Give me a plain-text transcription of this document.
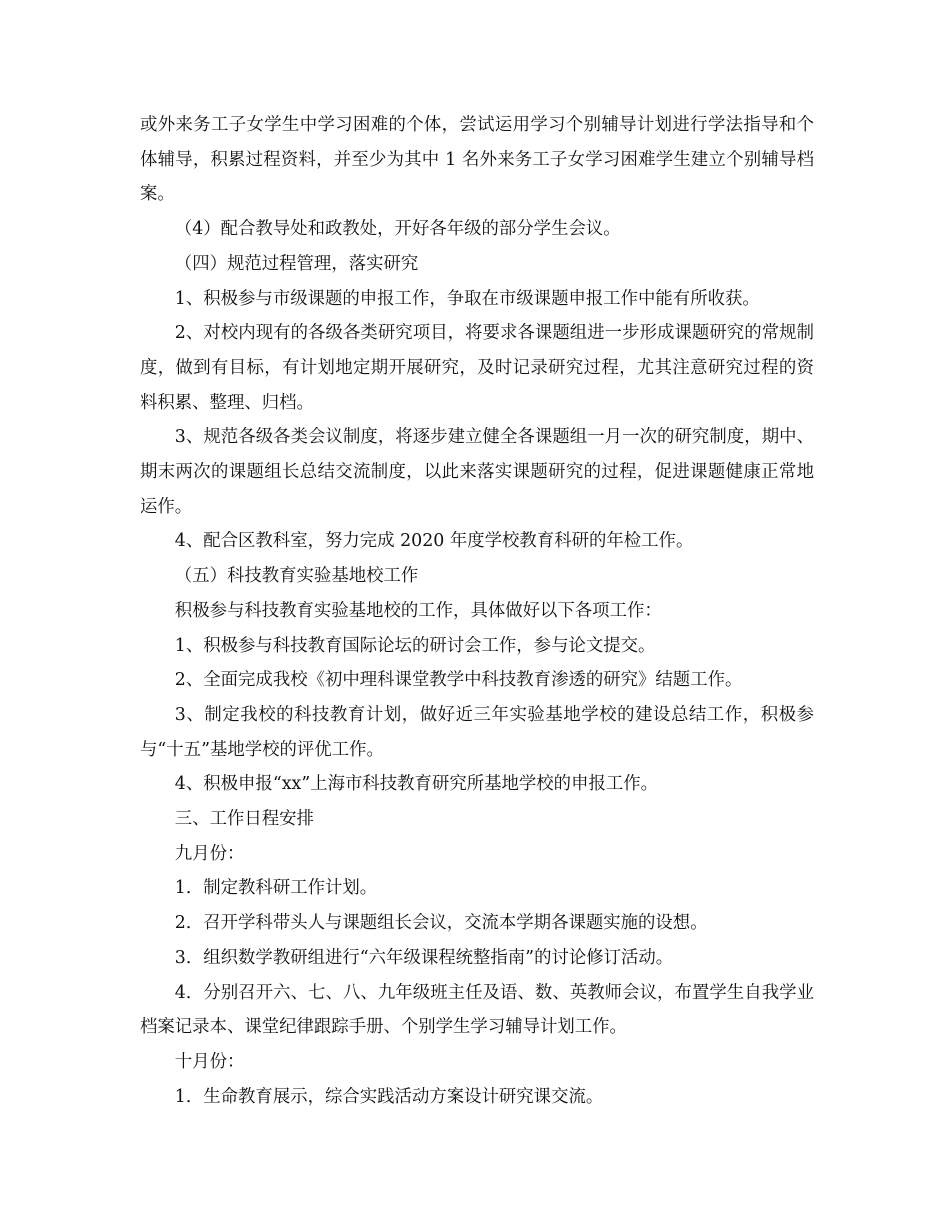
或外来务工子女学生中学习困难的个体，尝试运用学习个别辅导计划进行学法指导和个体辅导，积累过程资料，并至少为其中 1 名外来务工子女学习困难学生建立个别辅导档案。

（4）配合教导处和政教处，开好各年级的部分学生会议。

（四）规范过程管理，落实研究

1、积极参与市级课题的申报工作，争取在市级课题申报工作中能有所收获。

2、对校内现有的各级各类研究项目，将要求各课题组进一步形成课题研究的常规制度，做到有目标，有计划地定期开展研究，及时记录研究过程，尤其注意研究过程的资料积累、整理、归档。

3、规范各级各类会议制度，将逐步建立健全各课题组一月一次的研究制度，期中、期末两次的课题组长总结交流制度，以此来落实课题研究的过程，促进课题健康正常地运作。

4、配合区教科室，努力完成 2020 年度学校教育科研的年检工作。

（五）科技教育实验基地校工作

积极参与科技教育实验基地校的工作，具体做好以下各项工作：

1、积极参与科技教育国际论坛的研讨会工作，参与论文提交。

2、全面完成我校《初中理科课堂教学中科技教育渗透的研究》结题工作。

3、制定我校的科技教育计划，做好近三年实验基地学校的建设总结工作，积极参与“十五”基地学校的评优工作。

4、积极申报“xx”上海市科技教育研究所基地学校的申报工作。

三、工作日程安排

九月份：

1．制定教科研工作计划。

2．召开学科带头人与课题组长会议，交流本学期各课题实施的设想。

3．组织数学教研组进行“六年级课程统整指南”的讨论修订活动。

4．分别召开六、七、八、九年级班主任及语、数、英教师会议，布置学生自我学业档案记录本、课堂纪律跟踪手册、个别学生学习辅导计划工作。

十月份：

1．生命教育展示，综合实践活动方案设计研究课交流。
